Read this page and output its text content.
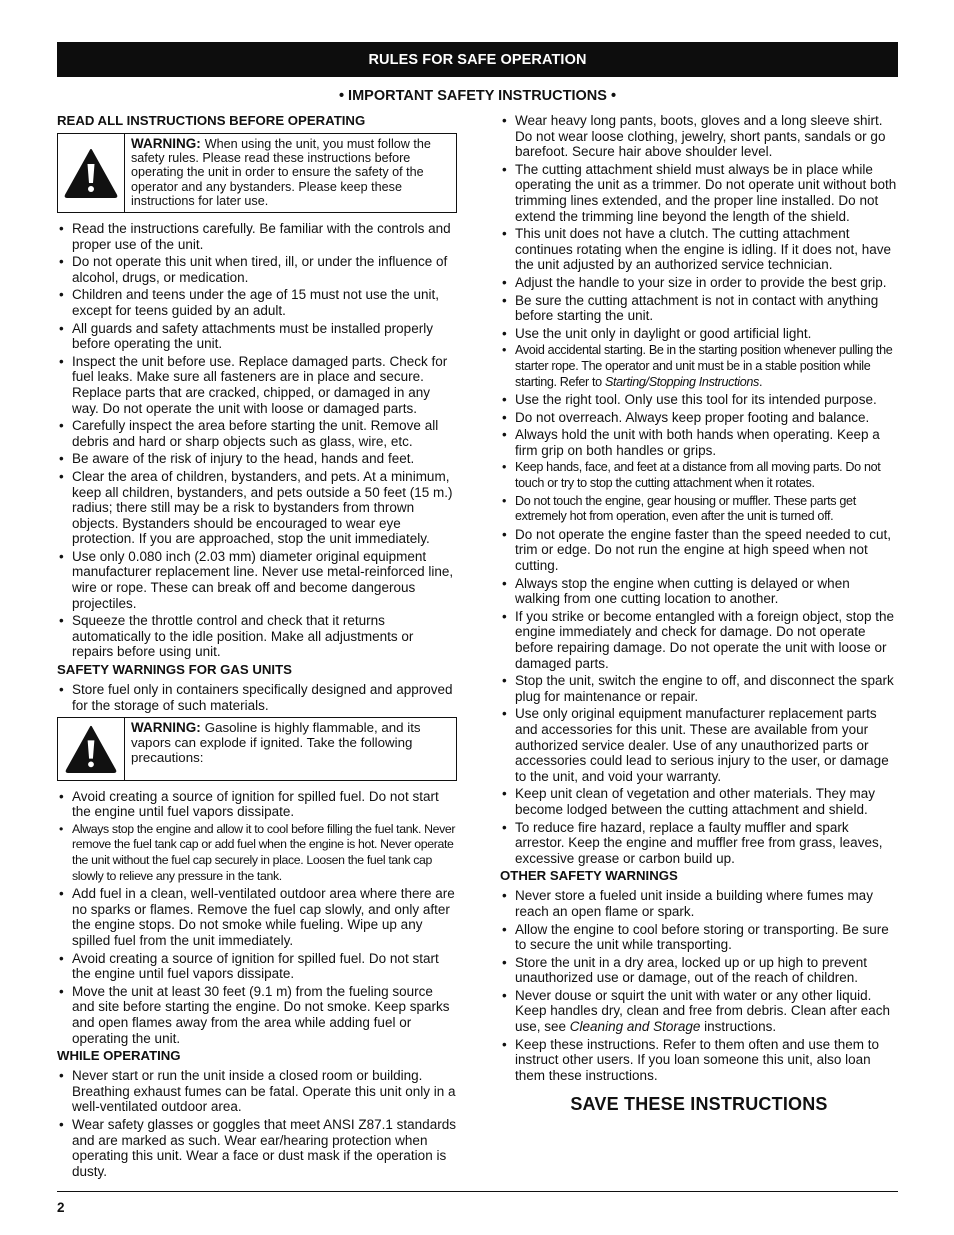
RULES FOR SAFE OPERATION
• IMPORTANT SAFETY INSTRUCTIONS •
READ ALL INSTRUCTIONS BEFORE OPERATING
WARNING: When using the unit, you must follow the safety rules. Please read these instructions before operating the unit in order to ensure the safety of the operator and any bystanders. Please keep these instructions for later use.
• Read the instructions carefully. Be familiar with the controls and proper use of the unit.
• Do not operate this unit when tired, ill, or under the influence of alcohol, drugs, or medication.
• Children and teens under the age of 15 must not use the unit, except for teens guided by an adult.
• All guards and safety attachments must be installed properly before operating the unit.
• Inspect the unit before use. Replace damaged parts. Check for fuel leaks. Make sure all fasteners are in place and secure. Replace parts that are cracked, chipped, or damaged in any way. Do not operate the unit with loose or damaged parts.
• Carefully inspect the area before starting the unit. Remove all debris and hard or sharp objects such as glass, wire, etc.
• Be aware of the risk of injury to the head, hands and feet.
• Clear the area of children, bystanders, and pets. At a minimum, keep all children, bystanders, and pets outside a 50 feet (15 m.) radius; there still may be a risk to bystanders from thrown objects. Bystanders should be encouraged to wear eye protection. If you are approached, stop the unit immediately.
• Use only 0.080 inch (2.03 mm) diameter original equipment manufacturer replacement line. Never use metal-reinforced line, wire or rope. These can break off and become dangerous projectiles.
• Squeeze the throttle control and check that it returns automatically to the idle position. Make all adjustments or repairs before using unit.
SAFETY WARNINGS FOR GAS UNITS
• Store fuel only in containers specifically designed and approved for the storage of such materials.
WARNING: Gasoline is highly flammable, and its vapors can explode if ignited. Take the following precautions:
• Avoid creating a source of ignition for spilled fuel. Do not start the engine until fuel vapors dissipate.
• Always stop the engine and allow it to cool before filling the fuel tank. Never remove the fuel tank cap or add fuel when the engine is hot. Never operate the unit without the fuel cap securely in place. Loosen the fuel tank cap slowly to relieve any pressure in the tank.
• Add fuel in a clean, well-ventilated outdoor area where there are no sparks or flames. Remove the fuel cap slowly, and only after the engine stops. Do not smoke while fueling. Wipe up any spilled fuel from the unit immediately.
• Avoid creating a source of ignition for spilled fuel. Do not start the engine until fuel vapors dissipate.
• Move the unit at least 30 feet (9.1 m) from the fueling source and site before starting the engine. Do not smoke. Keep sparks and open flames away from the area while adding fuel or operating the unit.
WHILE OPERATING
• Never start or run the unit inside a closed room or building. Breathing exhaust fumes can be fatal. Operate this unit only in a well-ventilated outdoor area.
• Wear safety glasses or goggles that meet ANSI Z87.1 standards and are marked as such. Wear ear/hearing protection when operating this unit. Wear a face or dust mask if the operation is dusty.
• Wear heavy long pants, boots, gloves and a long sleeve shirt. Do not wear loose clothing, jewelry, short pants, sandals or go barefoot. Secure hair above shoulder level.
• The cutting attachment shield must always be in place while operating the unit as a trimmer. Do not operate unit without both trimming lines extended, and the proper line installed. Do not extend the trimming line beyond the length of the shield.
• This unit does not have a clutch. The cutting attachment continues rotating when the engine is idling. If it does not, have the unit adjusted by an authorized service technician.
• Adjust the handle to your size in order to provide the best grip.
• Be sure the cutting attachment is not in contact with anything before starting the unit.
• Use the unit only in daylight or good artificial light.
• Avoid accidental starting. Be in the starting position whenever pulling the starter rope. The operator and unit must be in a stable position while starting. Refer to Starting/Stopping Instructions.
• Use the right tool. Only use this tool for its intended purpose.
• Do not overreach. Always keep proper footing and balance.
• Always hold the unit with both hands when operating. Keep a firm grip on both handles or grips.
• Keep hands, face, and feet at a distance from all moving parts. Do not touch or try to stop the cutting attachment when it rotates.
• Do not touch the engine, gear housing or muffler. These parts get extremely hot from operation, even after the unit is turned off.
• Do not operate the engine faster than the speed needed to cut, trim or edge. Do not run the engine at high speed when not cutting.
• Always stop the engine when cutting is delayed or when walking from one cutting location to another.
• If you strike or become entangled with a foreign object, stop the engine immediately and check for damage. Do not operate before repairing damage. Do not operate the unit with loose or damaged parts.
• Stop the unit, switch the engine to off, and disconnect the spark plug for maintenance or repair.
• Use only original equipment manufacturer replacement parts and accessories for this unit. These are available from your authorized service dealer. Use of any unauthorized parts or accessories could lead to serious injury to the user, or damage to the unit, and void your warranty.
• Keep unit clean of vegetation and other materials. They may become lodged between the cutting attachment and shield.
• To reduce fire hazard, replace a faulty muffler and spark arrestor. Keep the engine and muffler free from grass, leaves, excessive grease or carbon build up.
OTHER SAFETY WARNINGS
• Never store a fueled unit inside a building where fumes may reach an open flame or spark.
• Allow the engine to cool before storing or transporting. Be sure to secure the unit while transporting.
• Store the unit in a dry area, locked up or up high to prevent unauthorized use or damage, out of the reach of children.
• Never douse or squirt the unit with water or any other liquid. Keep handles dry, clean and free from debris. Clean after each use, see Cleaning and Storage instructions.
• Keep these instructions. Refer to them often and use them to instruct other users. If you loan someone this unit, also loan them these instructions.
SAVE THESE INSTRUCTIONS
2
